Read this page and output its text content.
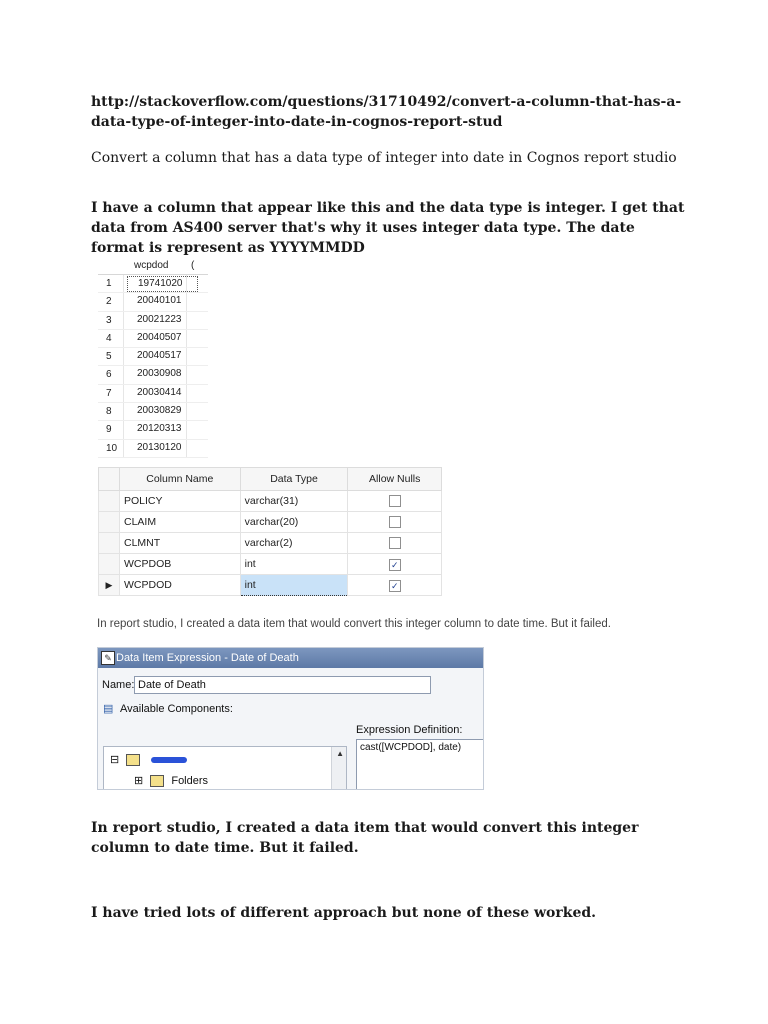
http://stackoverflow.com/questions/31710492/convert-a-column-that-has-a-data-type-of-integer-into-date-in-cognos-report-stud
Convert a column that has a data type of integer into date in Cognos report studio
I have a column that appear like this and the data type is integer. I get that data from AS400 server that's why it uses integer data type. The date format is represent as YYYYMMDD
wcpdod (
1	19741020
2	20040101
3	20021223
4	20040507
5	20040517
6	20030908
7	20030414
8	20030829
9	20120313
10	20130120
	Column Name	Data Type	Allow Nulls
	POLICY	varchar(31)	
	CLAIM	varchar(20)	
	CLMNT	varchar(2)	
	WCPDOB	int	✓
▶	WCPDOD	int	✓
In report studio, I created a data item that would convert this integer column to date time. But it failed.
✎ Data Item Expression - Date of Death
Name: Date of Death
▤ Available Components:
Expression Definition:
cast([WCPDOD], date)
⊟
⊞	Folders
▲
In report studio, I created a data item that would convert this integer column to date time. But it failed.
I have tried lots of different approach but none of these worked.
